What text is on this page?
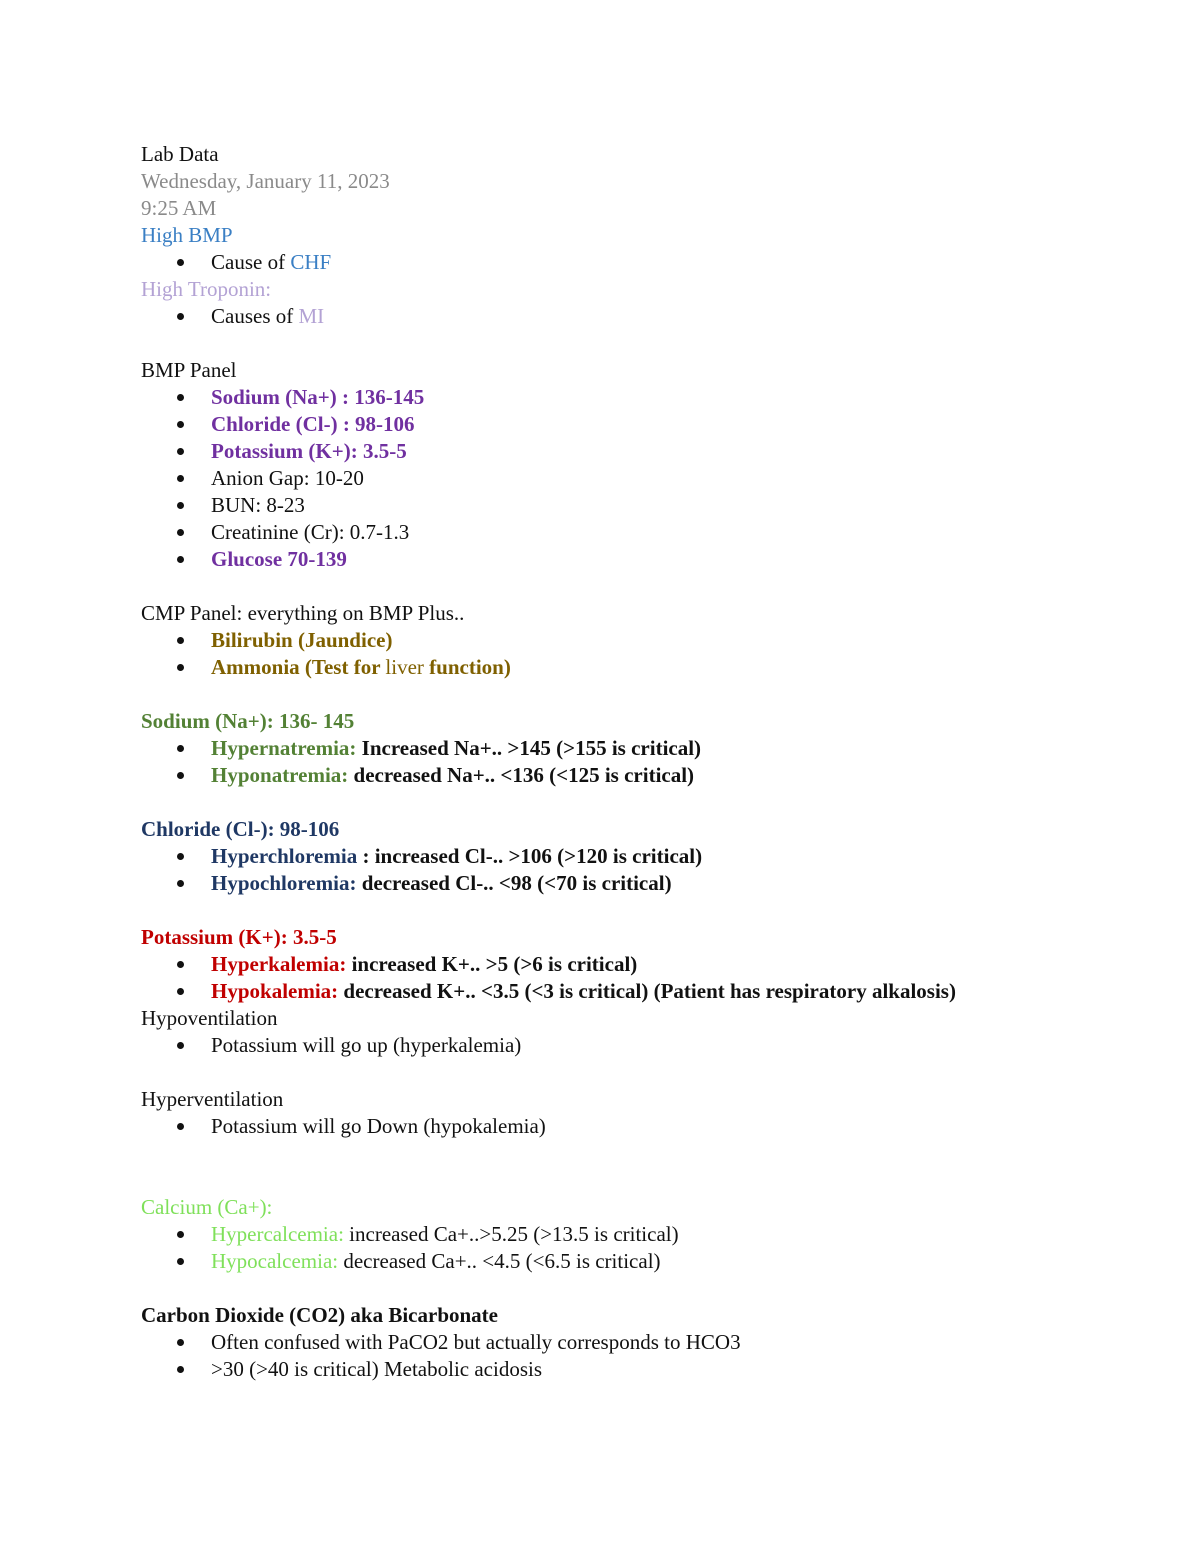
Lab Data
Wednesday, January 11, 2023
9:25 AM
High BMP
Cause of CHF
High Troponin:
Causes of MI
BMP Panel
Sodium (Na+) : 136-145
Chloride (Cl-) : 98-106
Potassium (K+): 3.5-5
Anion Gap: 10-20
BUN: 8-23
Creatinine (Cr): 0.7-1.3
Glucose 70-139
CMP Panel: everything on BMP Plus..
Bilirubin (Jaundice)
Ammonia (Test for liver function)
Sodium (Na+): 136- 145
Hypernatremia: Increased Na+.. >145 (>155 is critical)
Hyponatremia: decreased Na+.. <136 (<125 is critical)
Chloride (Cl-): 98-106
Hyperchloremia : increased Cl-.. >106 (>120 is critical)
Hypochloremia: decreased Cl-.. <98 (<70 is critical)
Potassium (K+): 3.5-5
Hyperkalemia: increased K+.. >5 (>6 is critical)
Hypokalemia: decreased K+.. <3.5 (<3 is critical) (Patient has respiratory alkalosis)
Hypoventilation
Potassium will go up (hyperkalemia)
Hyperventilation
Potassium will go Down (hypokalemia)
Calcium (Ca+):
Hypercalcemia: increased Ca+..>5.25 (>13.5 is critical)
Hypocalcemia: decreased Ca+.. <4.5 (<6.5 is critical)
Carbon Dioxide (CO2) aka Bicarbonate
Often confused with PaCO2 but actually corresponds to HCO3
>30 (>40 is critical) Metabolic acidosis
